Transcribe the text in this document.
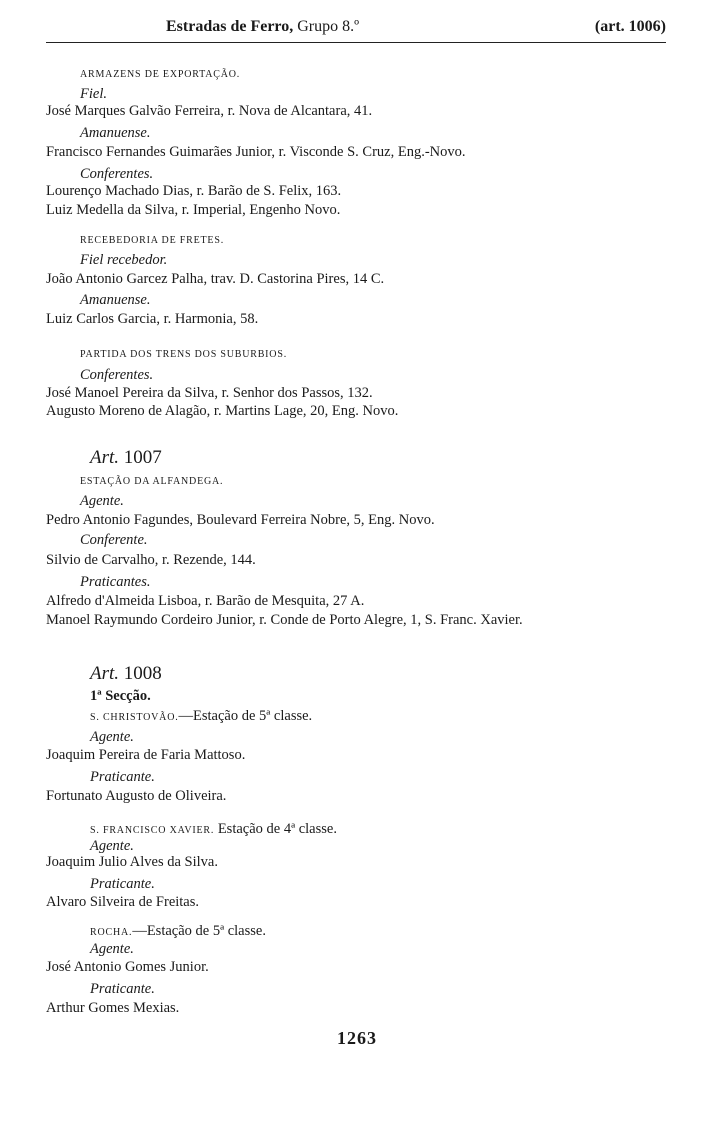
Estradas de Ferro, Grupo 8.º	(art. 1006)
ARMAZENS DE EXPORTAÇÃO.
Fiel.
José Marques Galvão Ferreira, r. Nova de Alcantara, 41.
Amanuense.
Francisco Fernandes Guimarães Junior, r. Visconde S. Cruz, Eng.-Novo.
Conferentes.
Lourenço Machado Dias, r. Barão de S. Felix, 163.
Luiz Medella da Silva, r. Imperial, Engenho Novo.
RECEBEDORIA DE FRETES.
Fiel recebedor.
João Antonio Garcez Palha, trav. D. Castorina Pires, 14 C.
Amanuense.
Luiz Carlos Garcia, r. Harmonia, 58.
PARTIDA DOS TRENS DOS SUBURBIOS.
Conferentes.
José Manoel Pereira da Silva, r. Senhor dos Passos, 132.
Augusto Moreno de Alagão, r. Martins Lage, 20, Eng. Novo.
Art. 1007
ESTAÇÃO DA ALFANDEGA.
Agente.
Pedro Antonio Fagundes, Boulevard Ferreira Nobre, 5, Eng. Novo.
Conferente.
Silvio de Carvalho, r. Rezende, 144.
Praticantes.
Alfredo d'Almeida Lisboa, r. Barão de Mesquita, 27 A.
Manoel Raymundo Cordeiro Junior, r. Conde de Porto Alegre, 1, S. Franc. Xavier.
Art. 1008
1ª Secção.
S. CHRISTOVÃO.—Estação de 5ª classe.
Agente.
Joaquim Pereira de Faria Mattoso.
Praticante.
Fortunato Augusto de Oliveira.
S. FRANCISCO XAVIER. Estação de 4ª classe.
Agente.
Joaquim Julio Alves da Silva.
Praticante.
Alvaro Silveira de Freitas.
ROCHA.—Estação de 5ª classe.
Agente.
José Antonio Gomes Junior.
Praticante.
Arthur Gomes Mexias.
1263
